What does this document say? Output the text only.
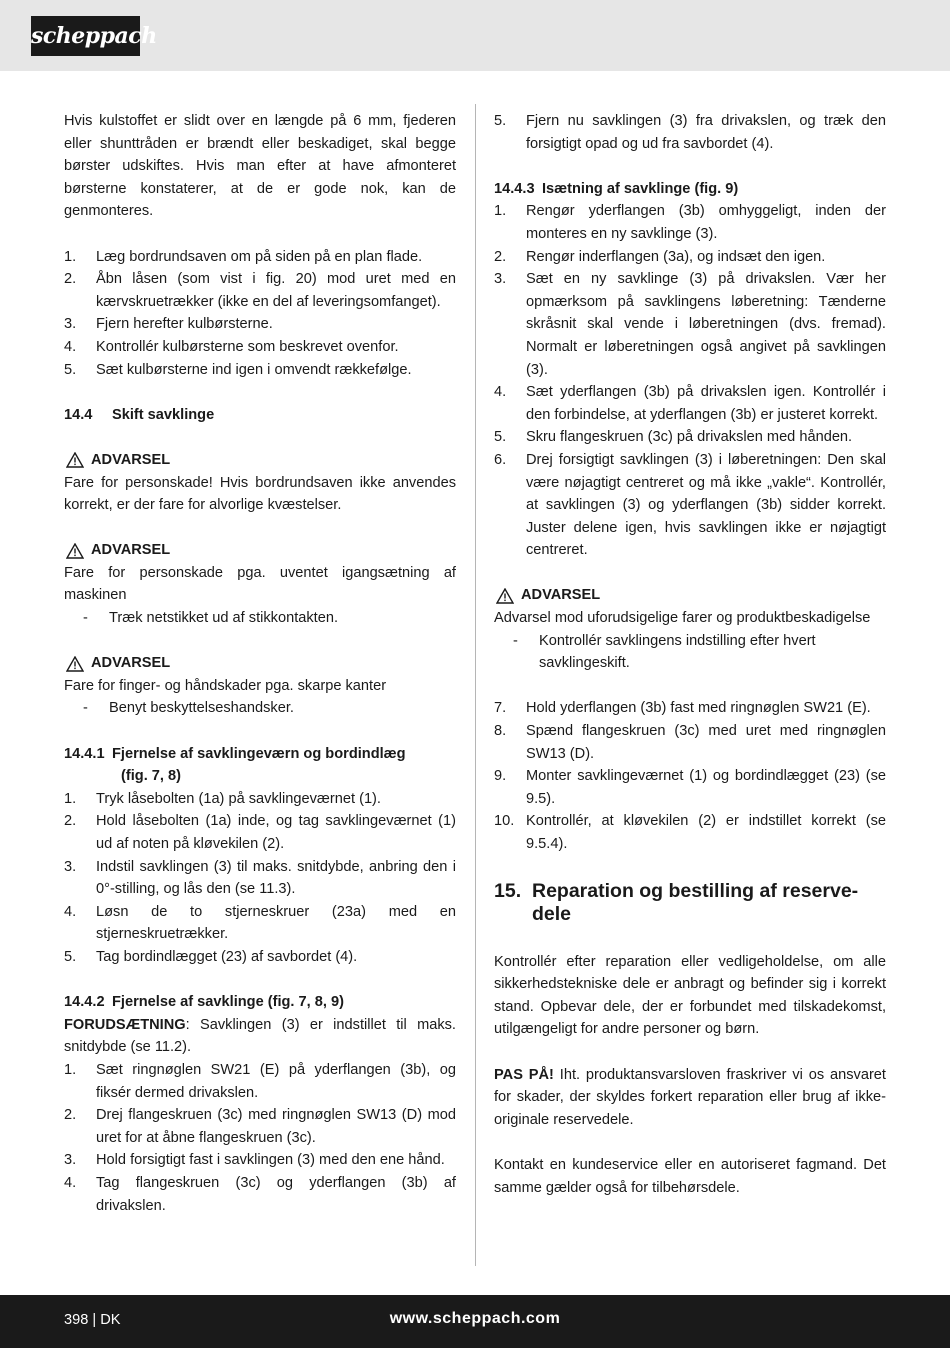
scheppach

Hvis kulstoffet er slidt over en længde på 6 mm, fjederen eller shunttråden er brændt eller beskadiget, skal begge børster udskiftes. Hvis man efter at have afmonteret børsterne konstaterer, at de er gode nok, kan de genmonteres.

1. Læg bordrundsaven om på siden på en plan flade.
2. Åbn låsen (som vist i fig. 20) mod uret med en kærvskruetrækker (ikke en del af leveringsomfanget).
3. Fjern herefter kulbørsterne.
4. Kontrollér kulbørsterne som beskrevet ovenfor.
5. Sæt kulbørsterne ind igen i omvendt rækkefølge.
14.4 Skift savklinge
ADVARSEL

Fare for personskade! Hvis bordrundsaven ikke anvendes korrekt, er der fare for alvorlige kvæstelser.

ADVARSEL

Fare for personskade pga. uventet igangsætning af maskinen

- Træk netstikket ud af stikkontakten.
ADVARSEL

Fare for finger- og håndskader pga. skarpe kanter

- Benyt beskyttelseshandsker.
14.4.1 Fjernelse af savklingeværn og bordindlæg
(fig. 7, 8)
1. Tryk låsebolten (1a) på savklingeværnet (1).
2. Hold låsebolten (1a) inde, og tag savklingeværnet (1) ud af noten på kløvekilen (2).
3. Indstil savklingen (3) til maks. snitdybde, anbring den i 0°-stilling, og lås den (se 11.3).
4. Løsn de to stjerneskruer (23a) med en stjerneskruetrækker.
5. Tag bordindlægget (23) af savbordet (4).
14.4.2 Fjernelse af savklinge (fig. 7, 8, 9)

FORUDSÆTNING: Savklingen (3) er indstillet til maks. snitdybde (se 11.2).

1. Sæt ringnøglen SW21 (E) på yderflangen (3b), og fiksér dermed drivakslen.
2. Drej flangeskruen (3c) med ringnøglen SW13 (D) mod uret for at åbne flangeskruen (3c).
3. Hold forsigtigt fast i savklingen (3) med den ene hånd.
4. Tag flangeskruen (3c) og yderflangen (3b) af drivakslen.
5. Fjern nu savklingen (3) fra drivakslen, og træk den forsigtigt opad og ud fra savbordet (4).
14.4.3 Isætning af savklinge (fig. 9)
1. Rengør yderflangen (3b) omhyggeligt, inden der monteres en ny savklinge (3).
2. Rengør inderflangen (3a), og indsæt den igen.
3. Sæt en ny savklinge (3) på drivakslen. Vær her opmærksom på savklingens løberetning: Tænderne skråsnit skal vende i løberetningen (dvs. fremad). Normalt er løberetningen også angivet på savklingen (3).
4. Sæt yderflangen (3b) på drivakslen igen. Kontrollér i den forbindelse, at yderflangen (3b) er justeret korrekt.
5. Skru flangeskruen (3c) på drivakslen med hånden.
6. Drej forsigtigt savklingen (3) i løberetningen: Den skal være nøjagtigt centreret og må ikke „vakle“. Kontrollér, at savklingen (3) og yderflangen (3b) sidder korrekt. Juster delene igen, hvis savklingen ikke er nøjagtigt centreret.
ADVARSEL

Advarsel mod uforudsigelige farer og produktbeskadigelse

- Kontrollér savklingens indstilling efter hvert savklingeskift.
7. Hold yderflangen (3b) fast med ringnøglen SW21 (E).
8. Spænd flangeskruen (3c) med uret med ringnøglen SW13 (D).
9. Monter savklingeværnet (1) og bordindlægget (23) (se 9.5).
10. Kontrollér, at kløvekilen (2) er indstillet korrekt (se 9.5.4).
15. Reparation og bestilling af reserve-
dele

Kontrollér efter reparation eller vedligeholdelse, om alle sikkerhedstekniske dele er anbragt og befinder sig i korrekt stand. Opbevar dele, der er forbundet med tilskadekomst, utilgængeligt for andre personer og børn.

PAS PÅ! Iht. produktansvarsloven fraskriver vi os ansvaret for skader, der skyldes forkert reparation eller brug af ikke-originale reservedele.

Kontakt en kundeservice eller en autoriseret fagmand. Det samme gælder også for tilbehørsdele.

398 | DK	www.scheppach.com
